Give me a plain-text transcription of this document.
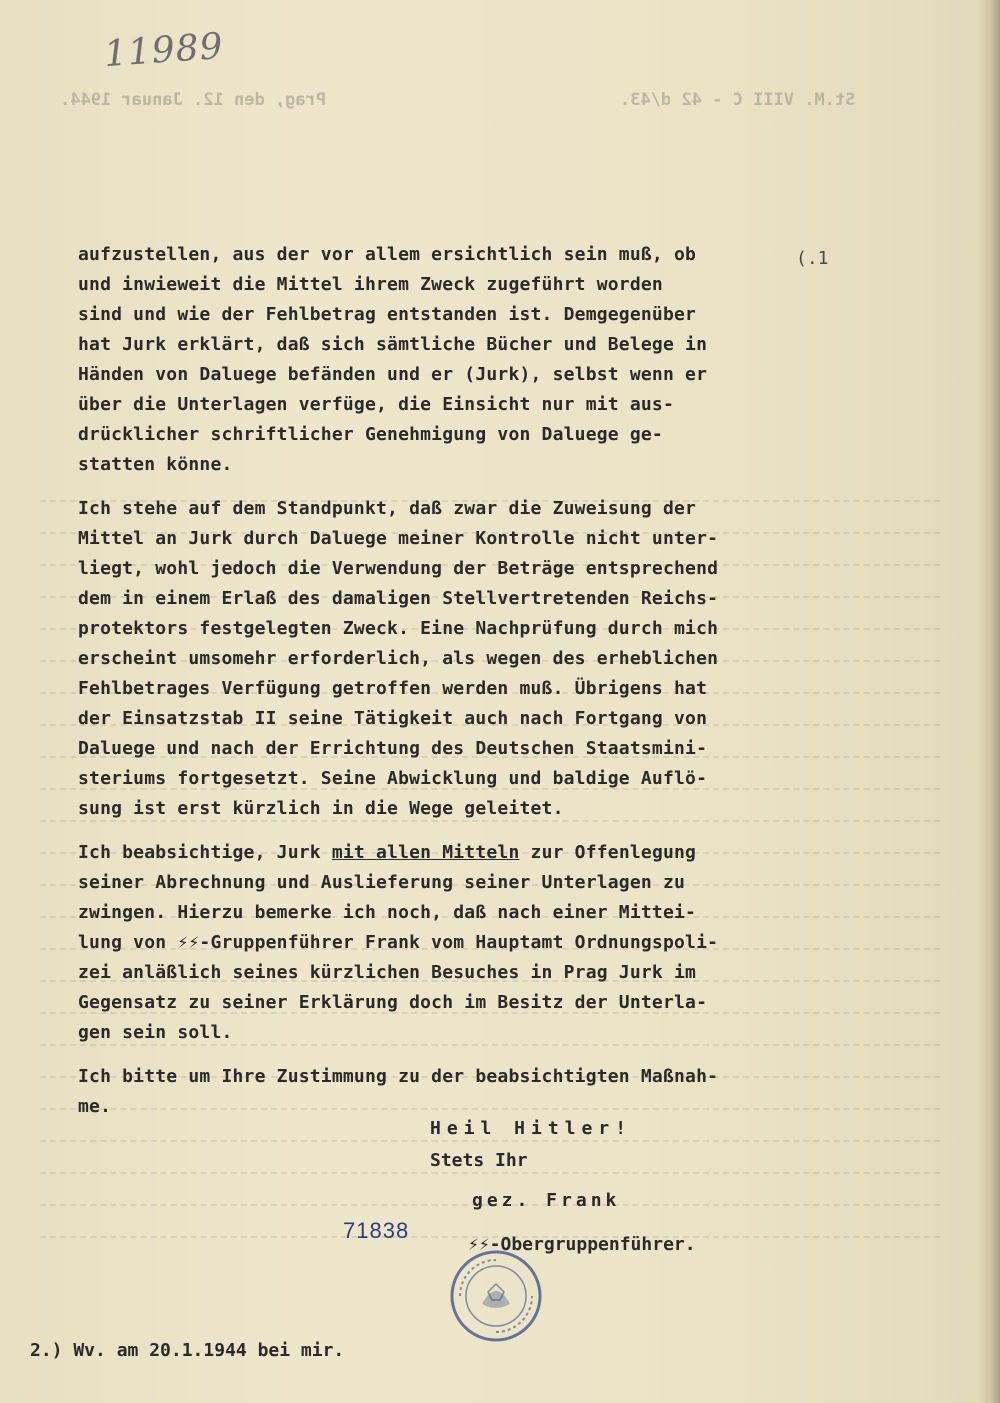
11989
Prag, den 12. Januar 1944.	St.M. VIII C - 42 d/43.
(.1

aufzustellen, aus der vor allem ersichtlich sein muß, ob
und inwieweit die Mittel ihrem Zweck zugeführt worden
sind und wie der Fehlbetrag entstanden ist. Demgegenüber
hat Jurk erklärt, daß sich sämtliche Bücher und Belege in
Händen von Daluege befänden und er (Jurk), selbst wenn er
über die Unterlagen verfüge, die Einsicht nur mit aus-
drücklicher schriftlicher Genehmigung von Daluege ge-
statten könne.

Ich stehe auf dem Standpunkt, daß zwar die Zuweisung der
Mittel an Jurk durch Daluege meiner Kontrolle nicht unter-
liegt, wohl jedoch die Verwendung der Beträge entsprechend
dem in einem Erlaß des damaligen Stellvertretenden Reichs-
protektors festgelegten Zweck. Eine Nachprüfung durch mich
erscheint umsomehr erforderlich, als wegen des erheblichen
Fehlbetrages Verfügung getroffen werden muß. Übrigens hat
der Einsatzstab II seine Tätigkeit auch nach Fortgang von
Daluege und nach der Errichtung des Deutschen Staatsmini-
steriums fortgesetzt. Seine Abwicklung und baldige Auflö-
sung ist erst kürzlich in die Wege geleitet.

Ich beabsichtige, Jurk mit allen Mitteln zur Offenlegung
seiner Abrechnung und Auslieferung seiner Unterlagen zu
zwingen. Hierzu bemerke ich noch, daß nach einer Mittei-
lung von ⚡⚡-Gruppenführer Frank vom Hauptamt Ordnungspoli-
zei anläßlich seines kürzlichen Besuches in Prag Jurk im
Gegensatz zu seiner Erklärung doch im Besitz der Unterla-
gen sein soll.

Ich bitte um Ihre Zustimmung zu der beabsichtigten Maßnah-
me.

Heil Hitler!
Stets Ihr
gez. Frank
⚡⚡-Obergruppenführer.
71838
2.) Wv. am 20.1.1944 bei mir.
